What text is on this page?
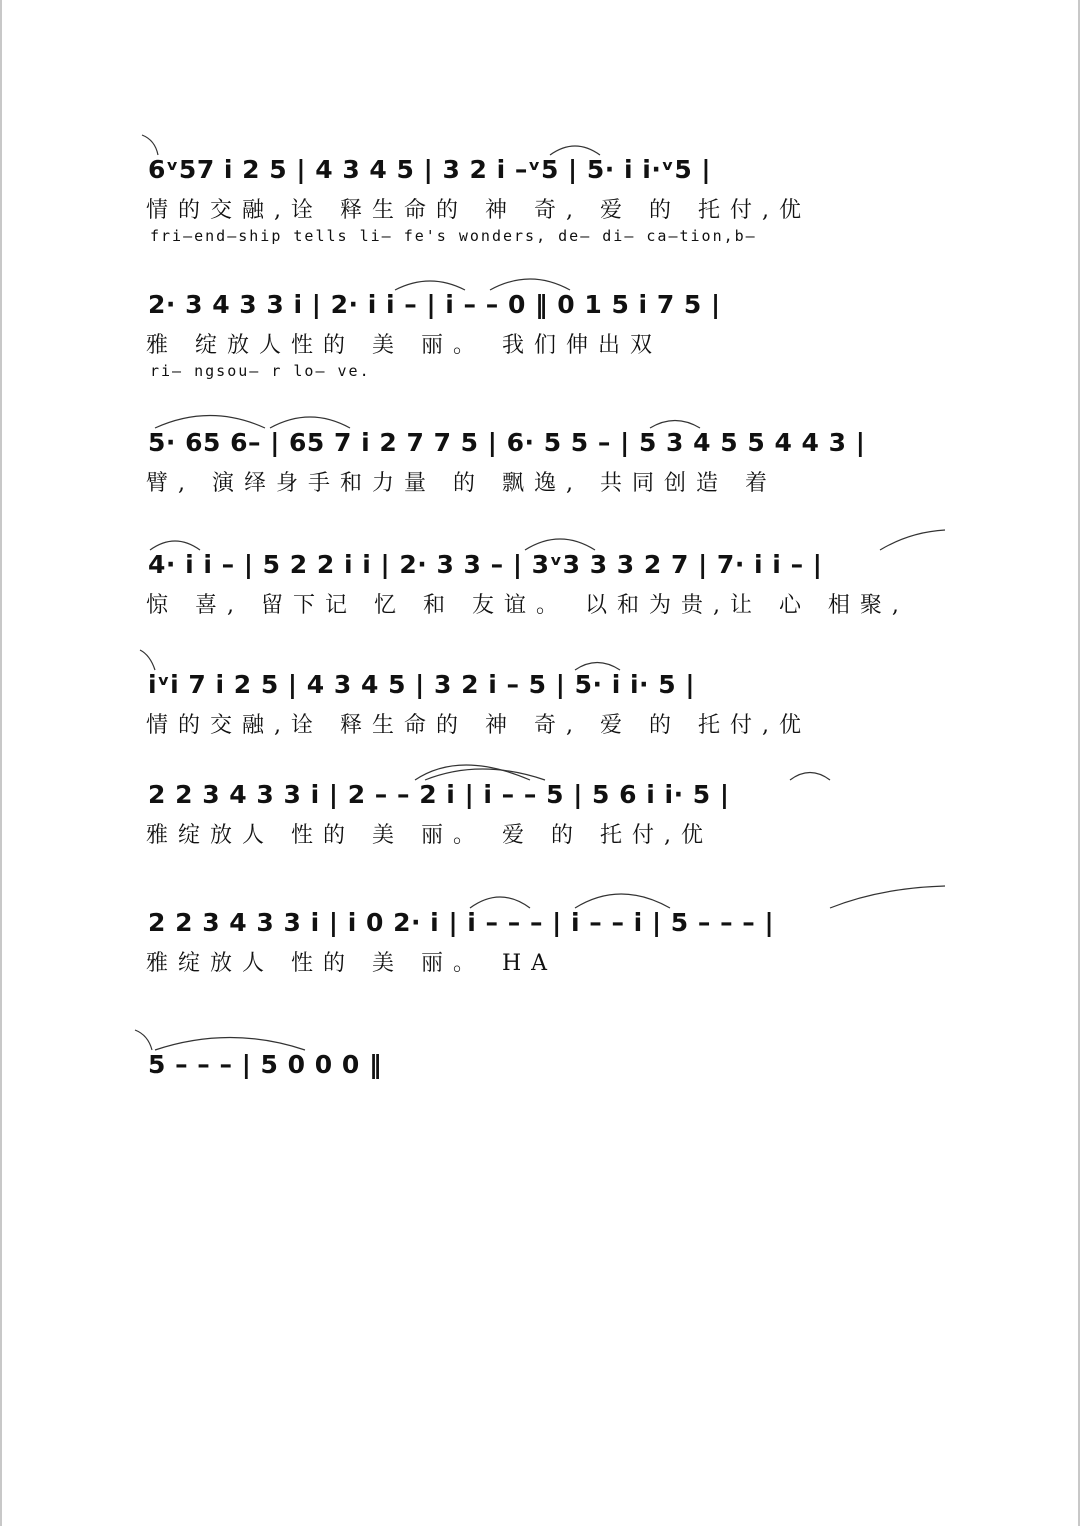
6ᵛ57 i 2 5 | 4 3 4 5 | 3 2 i –ᵛ5 | 5· i i·ᵛ5 |
情的交融,诠 释生命的 神 奇, 爱 的 托付,优
fri–end–ship tells li– fe's wonders, de– di– ca–tion,b–
2· 3 4 3 3 i | 2· i i – | i – – 0 ‖ 0 1 5 i 7 5 |
雅 绽放人性的 美 丽。 我们伸出双
ri– ngsou– r lo– ve.
5· 65 6– | 65 7 i 2 7 7 5 | 6· 5 5 – | 5 3 4 5 5 4 4 3 |
臂, 演绎身手和力量 的 飘逸, 共同创造 着
4· i i – | 5 2 2 i i | 2· 3 3 – | 3ᵛ3 3 3 2 7 | 7· i i – |
惊 喜, 留下记 忆 和 友谊。 以和为贵,让 心 相聚,
iᵛi 7 i 2 5 | 4 3 4 5 | 3 2 i – 5 | 5· i i· 5 |
情的交融,诠 释生命的 神 奇, 爱 的 托付,优
2 2 3 4 3 3 i | 2 – – 2 i | i – – 5 | 5 6 i i· 5 |
雅绽放人 性的 美 丽。 爱 的 托付,优
2 2 3 4 3 3 i | i 0 2· i | i – – – | i – – i | 5 – – – |
雅绽放人 性的 美 丽。 HA
5 – – – | 5 0 0 0 ‖
